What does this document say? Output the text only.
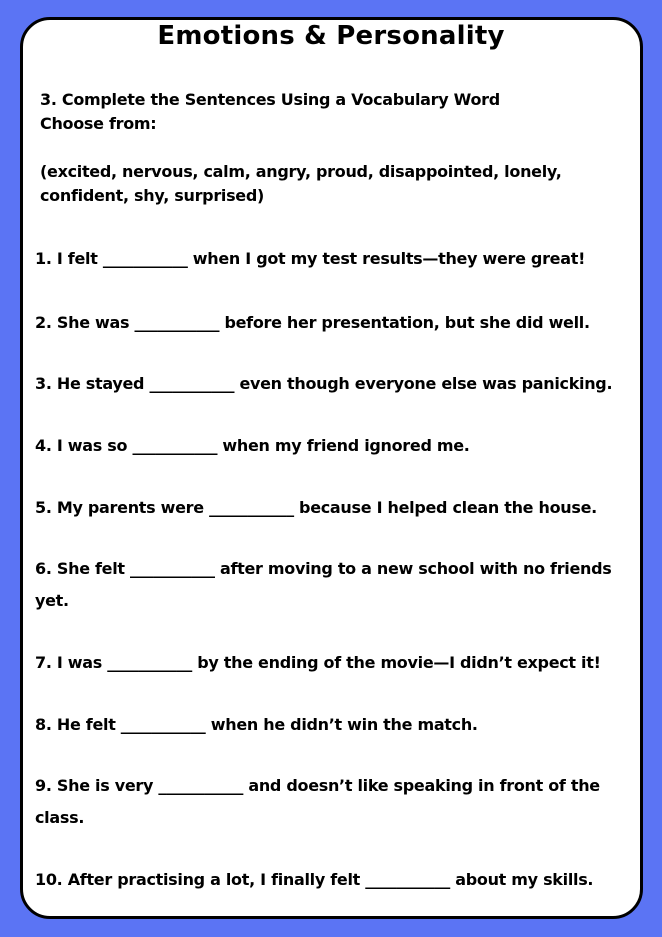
Emotions & Personality
3. Complete the Sentences Using a Vocabulary Word
Choose from:
(excited, nervous, calm, angry, proud, disappointed, lonely, confident, shy, surprised)
1. I felt ___________ when I got my test results—they were great!
2. She was ___________ before her presentation, but she did well.
3. He stayed ___________ even though everyone else was panicking.
4. I was so ___________ when my friend ignored me.
5. My parents were ___________ because I helped clean the house.
6. She felt ___________ after moving to a new school with no friends yet.
7. I was ___________ by the ending of the movie—I didn’t expect it!
8. He felt ___________ when he didn’t win the match.
9. She is very ___________ and doesn’t like speaking in front of the class.
10. After practising a lot, I finally felt ___________ about my skills.
